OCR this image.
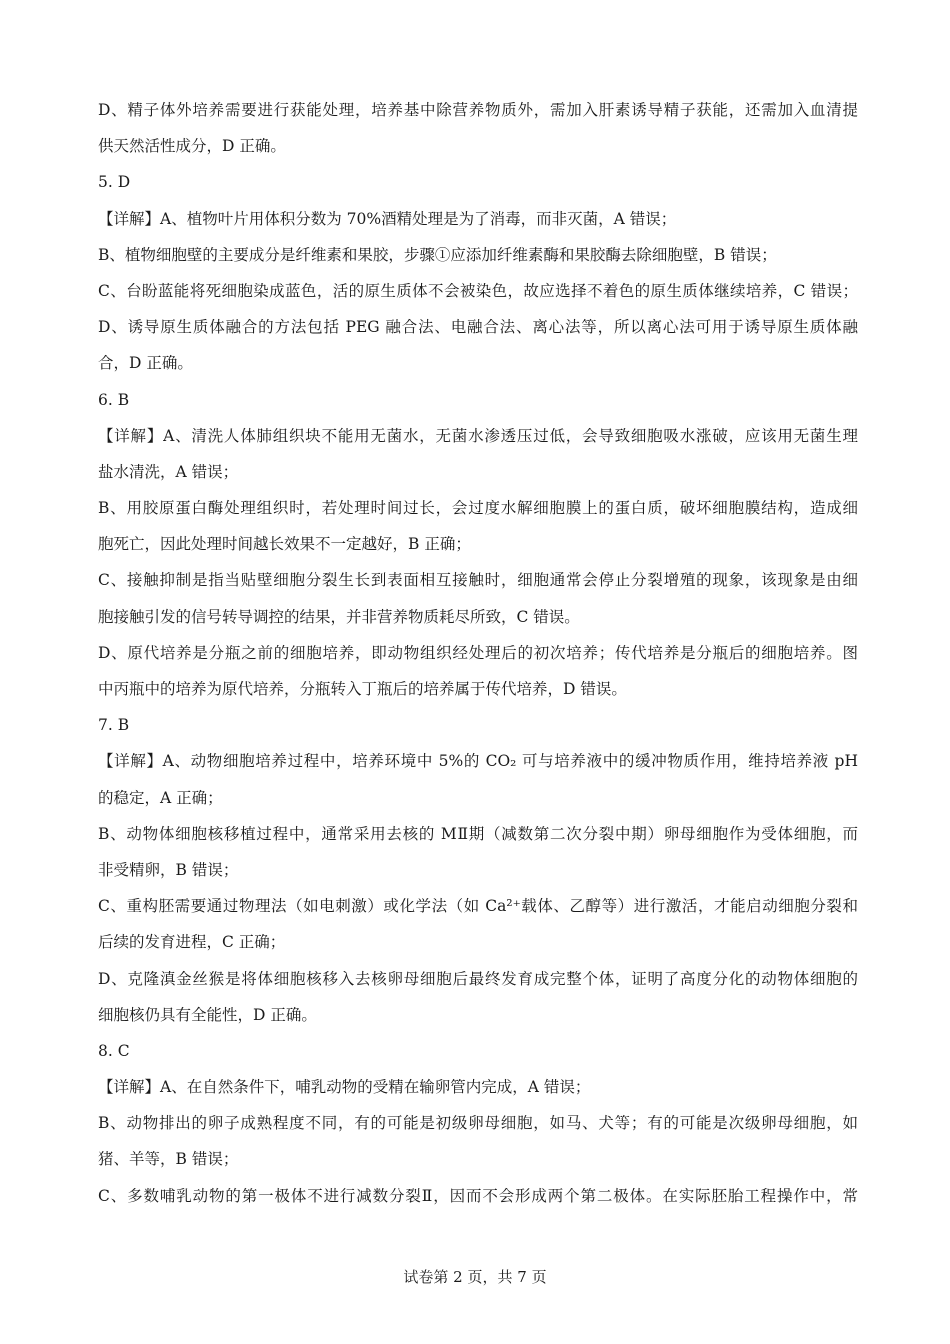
D、精子体外培养需要进行获能处理，培养基中除营养物质外，需加入肝素诱导精子获能，还需加入血清提
供天然活性成分，D 正确。
5. D
【详解】A、植物叶片用体积分数为 70%酒精处理是为了消毒，而非灭菌，A 错误；
B、植物细胞壁的主要成分是纤维素和果胶，步骤①应添加纤维素酶和果胶酶去除细胞壁，B 错误；
C、台盼蓝能将死细胞染成蓝色，活的原生质体不会被染色，故应选择不着色的原生质体继续培养，C 错误；
D、诱导原生质体融合的方法包括 PEG 融合法、电融合法、离心法等，所以离心法可用于诱导原生质体融
合，D 正确。
6. B
【详解】A、清洗人体肺组织块不能用无菌水，无菌水渗透压过低，会导致细胞吸水涨破，应该用无菌生理
盐水清洗，A 错误；
B、用胶原蛋白酶处理组织时，若处理时间过长，会过度水解细胞膜上的蛋白质，破坏细胞膜结构，造成细
胞死亡，因此处理时间越长效果不一定越好，B 正确；
C、接触抑制是指当贴壁细胞分裂生长到表面相互接触时，细胞通常会停止分裂增殖的现象，该现象是由细
胞接触引发的信号转导调控的结果，并非营养物质耗尽所致，C 错误。
D、原代培养是分瓶之前的细胞培养，即动物组织经处理后的初次培养；传代培养是分瓶后的细胞培养。图
中丙瓶中的培养为原代培养，分瓶转入丁瓶后的培养属于传代培养，D 错误。
7. B
【详解】A、动物细胞培养过程中，培养环境中 5%的 CO₂ 可与培养液中的缓冲物质作用，维持培养液 pH
的稳定，A 正确；
B、动物体细胞核移植过程中，通常采用去核的 MⅡ期（减数第二次分裂中期）卵母细胞作为受体细胞，而
非受精卵，B 错误；
C、重构胚需要通过物理法（如电刺激）或化学法（如 Ca²⁺载体、乙醇等）进行激活，才能启动细胞分裂和
后续的发育进程，C 正确；
D、克隆滇金丝猴是将体细胞核移入去核卵母细胞后最终发育成完整个体，证明了高度分化的动物体细胞的
细胞核仍具有全能性，D 正确。
8. C
【详解】A、在自然条件下，哺乳动物的受精在输卵管内完成，A 错误；
B、动物排出的卵子成熟程度不同，有的可能是初级卵母细胞，如马、犬等；有的可能是次级卵母细胞，如
猪、羊等，B 错误；
C、多数哺乳动物的第一极体不进行减数分裂Ⅱ，因而不会形成两个第二极体。在实际胚胎工程操作中，常
试卷第 2 页，共 7 页
